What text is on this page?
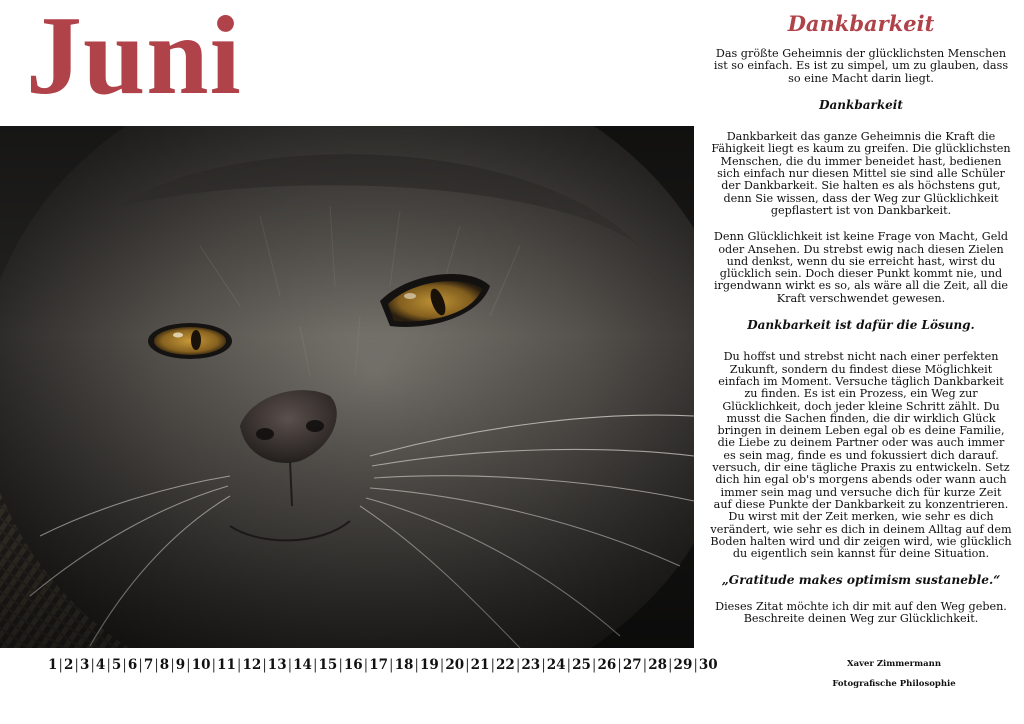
Juni
1 | 2 | 3 | 4 | 5 | 6 | 7 | 8 | 9 | 10 | 11 | 12 | 13 | 14 | 15 | 16 | 17 | 18 | 19 | 20 | 21 | 22 | 23 | 24 | 25 | 26 | 27 | 28 | 29 | 30
Dankbarkeit

Das größte Geheimnis der glücklichsten Menschen ist so einfach. Es ist zu simpel, um zu glauben, dass so eine Macht darin liegt.

Dankbarkeit

Dankbarkeit das ganze Geheimnis die Kraft die Fähigkeit liegt es kaum zu greifen. Die glücklichsten Menschen, die du immer beneidet hast, bedienen sich einfach nur diesen Mittel sie sind alle Schüler der Dankbarkeit. Sie halten es als höchstens gut, denn Sie wissen, dass der Weg zur Glücklichkeit gepflastert ist von Dankbarkeit.

Denn Glücklichkeit ist keine Frage von Macht, Geld oder Ansehen. Du strebst ewig nach diesen Zielen und denkst, wenn du sie erreicht hast, wirst du glücklich sein. Doch dieser Punkt kommt nie, und irgendwann wirkt es so, als wäre all die Zeit, all die Kraft verschwendet gewesen.

Dankbarkeit ist dafür die Lösung.

Du hoffst und strebst nicht nach einer perfekten Zukunft, sondern du findest diese Möglichkeit einfach im Moment. Versuche täglich Dankbarkeit zu finden. Es ist ein Prozess, ein Weg zur Glücklichkeit, doch jeder kleine Schritt zählt. Du musst die Sachen finden, die dir wirklich Glück bringen in deinem Leben egal ob es deine Familie, die Liebe zu deinem Partner oder was auch immer es sein mag, finde es und fokussiert dich darauf. versuch, dir eine tägliche Praxis zu entwickeln. Setz dich hin egal ob's morgens abends oder wann auch immer sein mag und versuche dich für kurze Zeit auf diese Punkte der Dankbarkeit zu konzentrieren. Du wirst mit der Zeit merken, wie sehr es dich verändert, wie sehr es dich in deinem Alltag auf dem Boden halten wird und dir zeigen wird, wie glücklich du eigentlich sein kannst für deine Situation.

„Gratitude makes optimism sustaneble.“

Dieses Zitat möchte ich dir mit auf den Weg geben. Beschreite deinen Weg zur Glücklichkeit.

Xaver Zimmermann
Fotografische Philosophie
